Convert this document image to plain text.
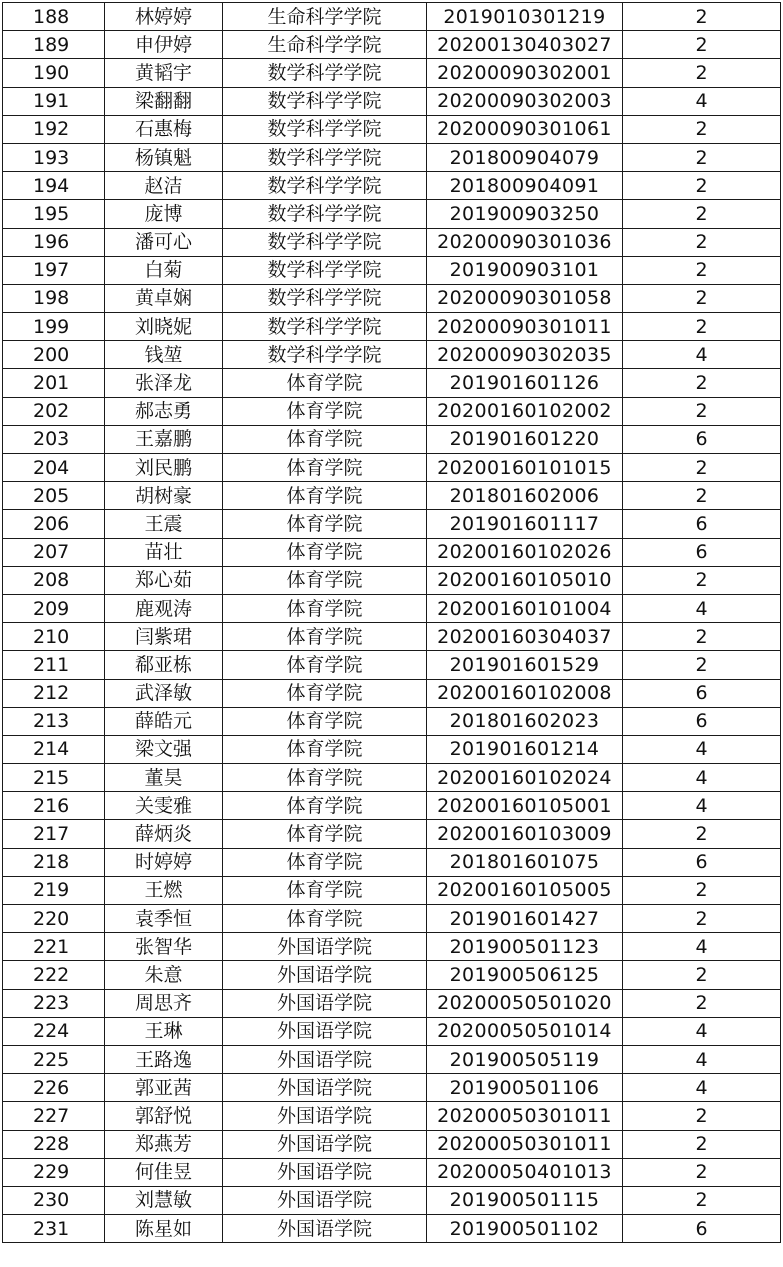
188	林婷婷	生命科学学院	2019010301219	2
189	申伊婷	生命科学学院	20200130403027	2
190	黄韬宇	数学科学学院	20200090302001	2
191	梁翻翻	数学科学学院	20200090302003	4
192	石惠梅	数学科学学院	20200090301061	2
193	杨镇魁	数学科学学院	201800904079	2
194	赵洁	数学科学学院	201800904091	2
195	庞博	数学科学学院	201900903250	2
196	潘可心	数学科学学院	20200090301036	2
197	白菊	数学科学学院	201900903101	2
198	黄卓娴	数学科学学院	20200090301058	2
199	刘晓妮	数学科学学院	20200090301011	2
200	钱堃	数学科学学院	20200090302035	4
201	张泽龙	体育学院	201901601126	2
202	郝志勇	体育学院	20200160102002	2
203	王嘉鹏	体育学院	201901601220	6
204	刘民鹏	体育学院	20200160101015	2
205	胡树豪	体育学院	201801602006	2
206	王震	体育学院	201901601117	6
207	苗壮	体育学院	20200160102026	6
208	郑心茹	体育学院	20200160105010	2
209	鹿观涛	体育学院	20200160101004	4
210	闫紫珺	体育学院	20200160304037	2
211	郗亚栋	体育学院	201901601529	2
212	武泽敏	体育学院	20200160102008	6
213	薛皓元	体育学院	201801602023	6
214	梁文强	体育学院	201901601214	4
215	董昊	体育学院	20200160102024	4
216	关雯雅	体育学院	20200160105001	4
217	薛炳炎	体育学院	20200160103009	2
218	时婷婷	体育学院	201801601075	6
219	王燃	体育学院	20200160105005	2
220	袁季恒	体育学院	201901601427	2
221	张智华	外国语学院	201900501123	4
222	朱意	外国语学院	201900506125	2
223	周思齐	外国语学院	20200050501020	2
224	王琳	外国语学院	20200050501014	4
225	王路逸	外国语学院	201900505119	4
226	郭亚茜	外国语学院	201900501106	4
227	郭舒悦	外国语学院	20200050301011	2
228	郑燕芳	外国语学院	20200050301011	2
229	何佳昱	外国语学院	20200050401013	2
230	刘慧敏	外国语学院	201900501115	2
231	陈星如	外国语学院	201900501102	6
